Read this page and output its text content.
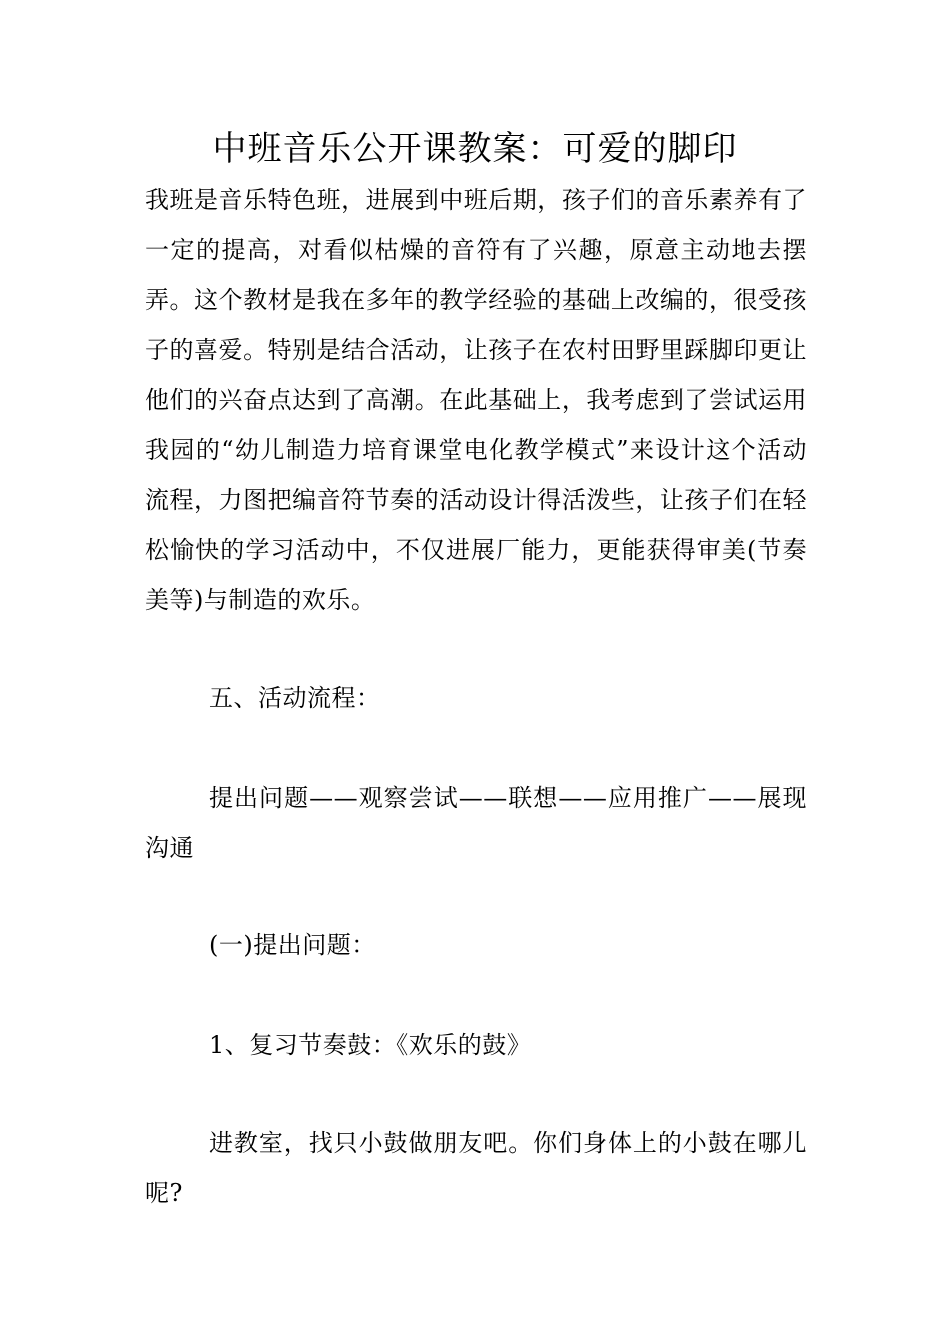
中班音乐公开课教案：可爱的脚印
我班是音乐特色班，进展到中班后期，孩子们的音乐素养有了一定的提高，对看似枯燥的音符有了兴趣，原意主动地去摆弄。这个教材是我在多年的教学经验的基础上改编的，很受孩子的喜爱。特别是结合活动，让孩子在农村田野里踩脚印更让他们的兴奋点达到了高潮。在此基础上，我考虑到了尝试运用我园的“幼儿制造力培育课堂电化教学模式”来设计这个活动流程，力图把编音符节奏的活动设计得活泼些，让孩子们在轻松愉快的学习活动中，不仅进展厂能力，更能获得审美(节奏美等)与制造的欢乐。
五、活动流程：
提出问题——观察尝试——联想——应用推广——展现沟通
(一)提出问题：
1、复习节奏鼓：《欢乐的鼓》
进教室，找只小鼓做朋友吧。你们身体上的小鼓在哪儿呢?
